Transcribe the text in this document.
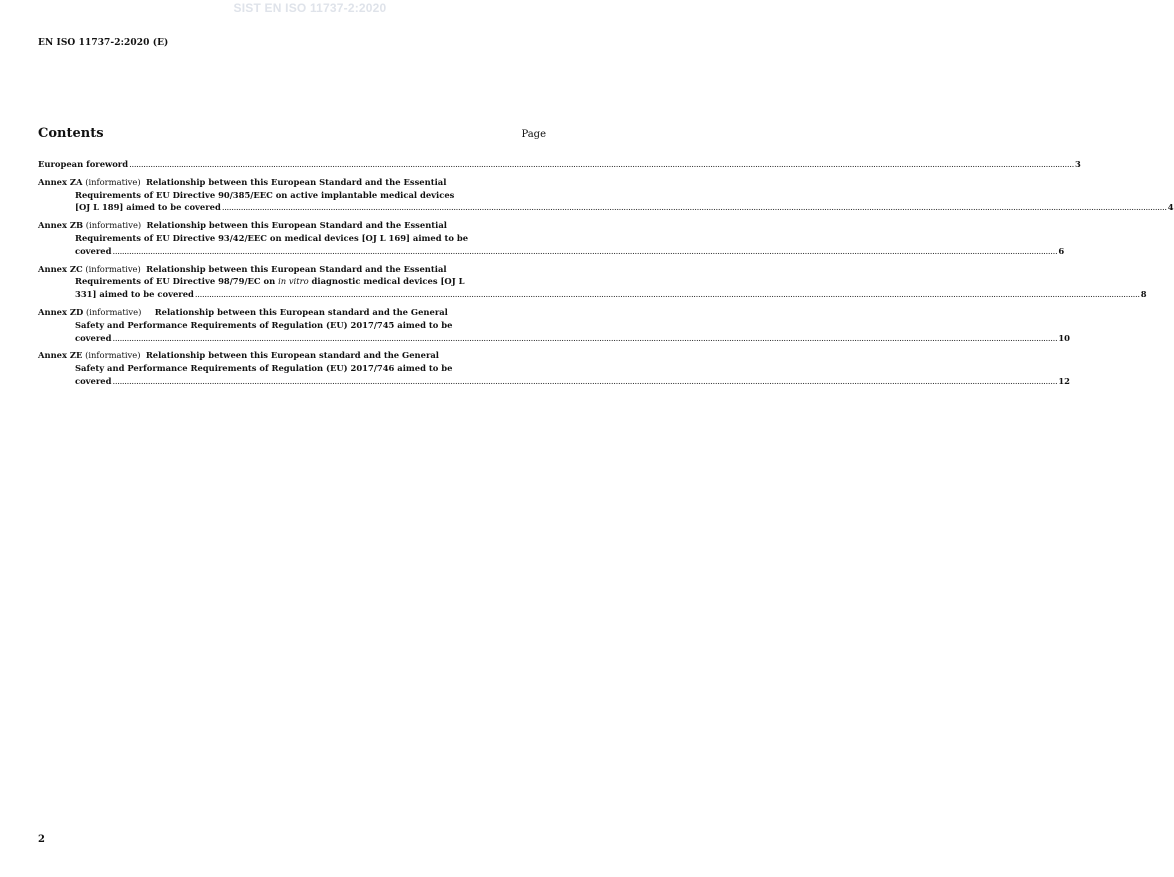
SIST EN ISO 11737-2:2020
EN ISO 11737-2:2020 (E)
Contents	Page
European foreword................................................................................................................................................................................................................................................................................................................................................................................................................3
Annex ZA (informative)  Relationship between this European Standard and the Essential
Requirements of EU Directive 90/385/EEC on active implantable medical devices
[OJ L 189] aimed to be covered................................................................................................................................................................................................................................................................................................................................................................................................................4
Annex ZB (informative)  Relationship between this European Standard and the Essential
Requirements of EU Directive 93/42/EEC on medical devices [OJ L 169] aimed to be
covered................................................................................................................................................................................................................................................................................................................................................................................................................6
Annex ZC (informative)  Relationship between this European Standard and the Essential
Requirements of EU Directive 98/79/EC on in vitro diagnostic medical devices [OJ L
331] aimed to be covered................................................................................................................................................................................................................................................................................................................................................................................................................8
Annex ZD (informative)     Relationship between this European standard and the General
Safety and Performance Requirements of Regulation (EU) 2017/745 aimed to be
covered................................................................................................................................................................................................................................................................................................................................................................................................................10
Annex ZE (informative)  Relationship between this European standard and the General
Safety and Performance Requirements of Regulation (EU) 2017/746 aimed to be
covered................................................................................................................................................................................................................................................................................................................................................................................................................12
2
